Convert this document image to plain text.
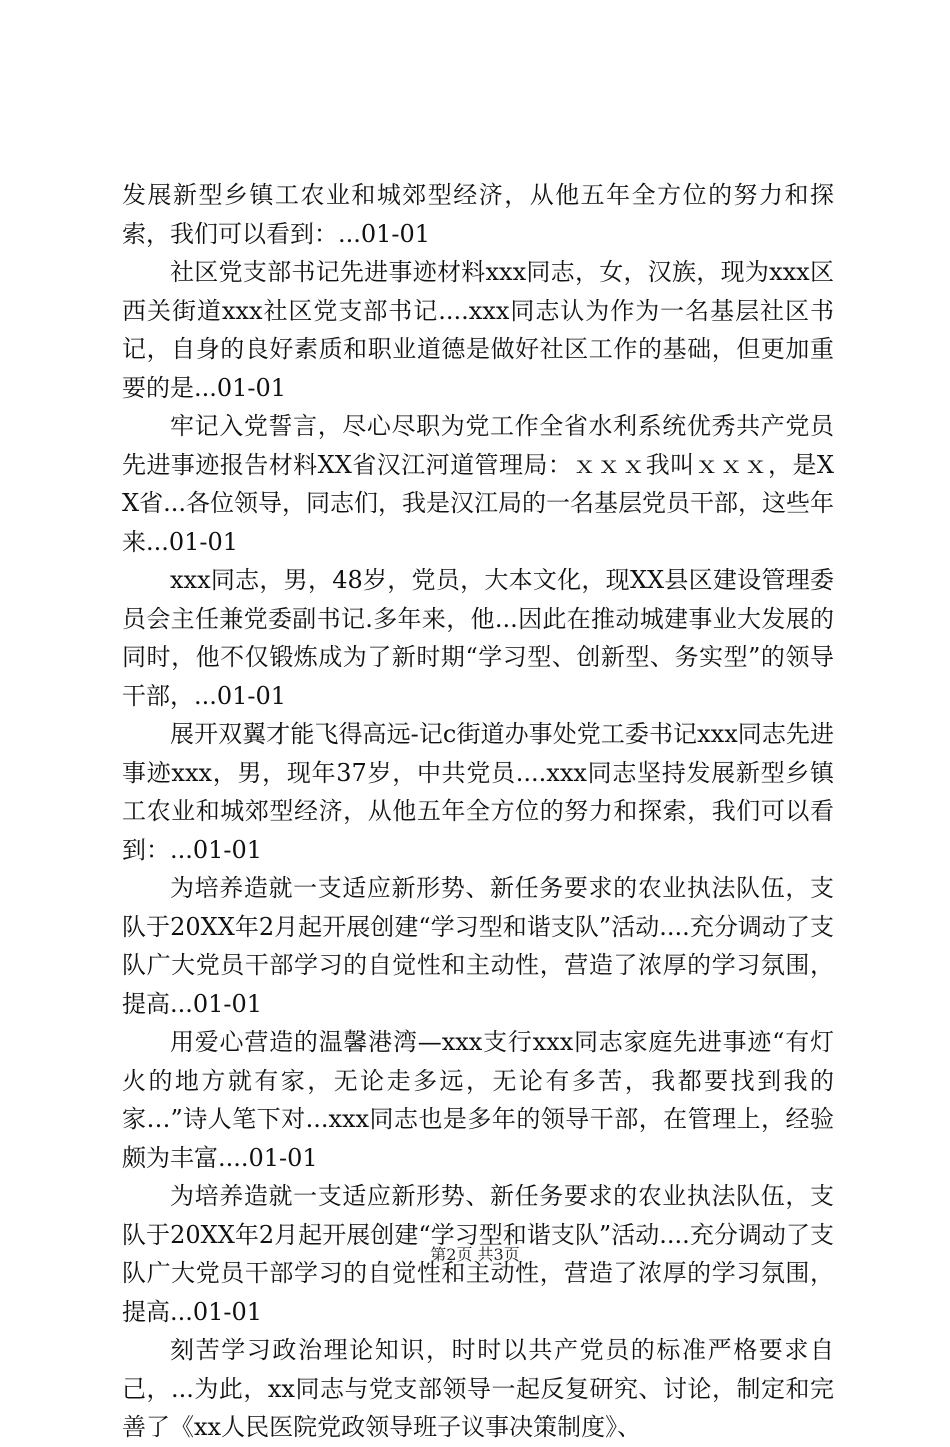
发展新型乡镇工农业和城郊型经济，从他五年全方位的努力和探索，我们可以看到：...01-01

社区党支部书记先进事迹材料xxx同志，女，汉族，现为xxx区西关街道xxx社区党支部书记....xxx同志认为作为一名基层社区书记，自身的良好素质和职业道德是做好社区工作的基础，但更加重要的是...01-01

牢记入党誓言，尽心尽职为党工作全省水利系统优秀共产党员先进事迹报告材料XX省汉江河道管理局：ｘｘｘ我叫ｘｘｘ，是XX省...各位领导，同志们，我是汉江局的一名基层党员干部，这些年来...01-01

xxx同志，男，48岁，党员，大本文化，现XX县区建设管理委员会主任兼党委副书记.多年来，他...因此在推动城建事业大发展的同时，他不仅锻炼成为了新时期“学习型、创新型、务实型”的领导干部，...01-01

展开双翼才能飞得高远-记c街道办事处党工委书记xxx同志先进事迹xxx，男，现年37岁，中共党员....xxx同志坚持发展新型乡镇工农业和城郊型经济，从他五年全方位的努力和探索，我们可以看到：...01-01

为培养造就一支适应新形势、新任务要求的农业执法队伍，支队于20XX年2月起开展创建“学习型和谐支队”活动....充分调动了支队广大党员干部学习的自觉性和主动性，营造了浓厚的学习氛围，提高...01-01

用爱心营造的温馨港湾—xxx支行xxx同志家庭先进事迹“有灯火的地方就有家，无论走多远，无论有多苦，我都要找到我的家…”诗人笔下对...xxx同志也是多年的领导干部，在管理上，经验颇为丰富....01-01

为培养造就一支适应新形势、新任务要求的农业执法队伍，支队于20XX年2月起开展创建“学习型和谐支队”活动....充分调动了支队广大党员干部学习的自觉性和主动性，营造了浓厚的学习氛围，提高...01-01

刻苦学习政治理论知识，时时以共产党员的标准严格要求自己，...为此，xx同志与党支部领导一起反复研究、讨论，制定和完善了《xx人民医院党政领导班子议事决策制度》、

第2页 共3页
